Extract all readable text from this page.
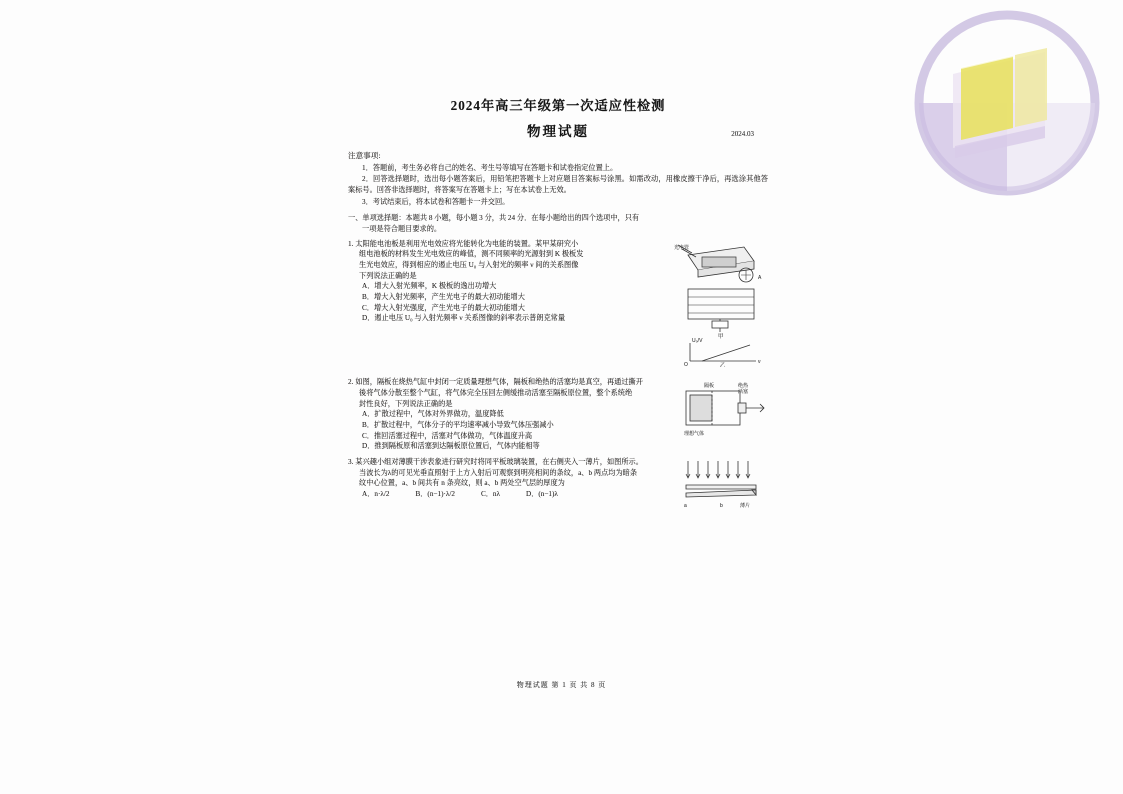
2024年高三年级第一次适应性检测
物理试题	2024.03
注意事项:
1．答题前，考生务必将自己的姓名、考生号等填写在答题卡和试卷指定位置上。
2．回答选择题时，选出每小题答案后，用铅笔把答题卡上对应题目答案标号涂黑。如需改动，用橡皮擦干净后，再选涂其他答案标号。回答非选择题时，将答案写在答题卡上；写在本试卷上无效。
3．考试结束后，将本试卷和答题卡一并交回。
一、单项选择题：本题共 8 小题，每小题 3 分，共 24 分．在每小题给出的四个选项中，只有
一项是符合题目要求的。
光电管
A
甲
U₀/V
O	ν
乙
1. 太阳能电池板是利用光电效应将光能转化为电能的装置。某甲某研究小
组电池板的材料发生光电效应的峰值，测不同频率的光源射到 K 极板发
生光电效应，得到相应的遏止电压 U₀ 与入射光的频率 ν 间的关系图像
下列说法正确的是
A．增大入射光频率，K 极板的逸出功增大
B．增大入射光频率，产生光电子的最大初动能增大
C．增大入射光强度，产生光电子的最大初动能增大
D．遏止电压 U₀ 与入射光频率 ν 关系图像的斜率表示普朗克常量
隔板	绝热
活塞
理想气体
2. 如图，隔板在烧热气缸中封闭一定质量理想气体，隔板和绝热的活塞均是真空，再通过撕开
後将气体分散至整个气缸，将气体完全压回左侧缓推动活塞至隔板原位置，整个系统绝
封性良好，下列说法正确的是
A．扩散过程中，气体对外界做功，温度降低
B．扩散过程中，气体分子的平均速率减小导致气体压强减小
C．推回活塞过程中，活塞对气体做功，气体温度升高
D．推到隔板原和活塞到达隔板原位置后，气体内能相等
a	b	薄片
3. 某兴趣小组对薄膜干涉表象进行研究时将同平板玻璃装置，在右侧夹入一薄片，如图所示。
当波长为λ的可见光垂直照射于上方入射后可观察到明亮相间的条纹，a、b 两点均为暗条
纹中心位置，a、b 间共有 n 条亮纹，则 a、b 两处空气层的厚度为
A．n·λ/2	B．(n−1)·λ/2	C．nλ	D．(n−1)λ
物理试题 第 1 页 共 8 页
